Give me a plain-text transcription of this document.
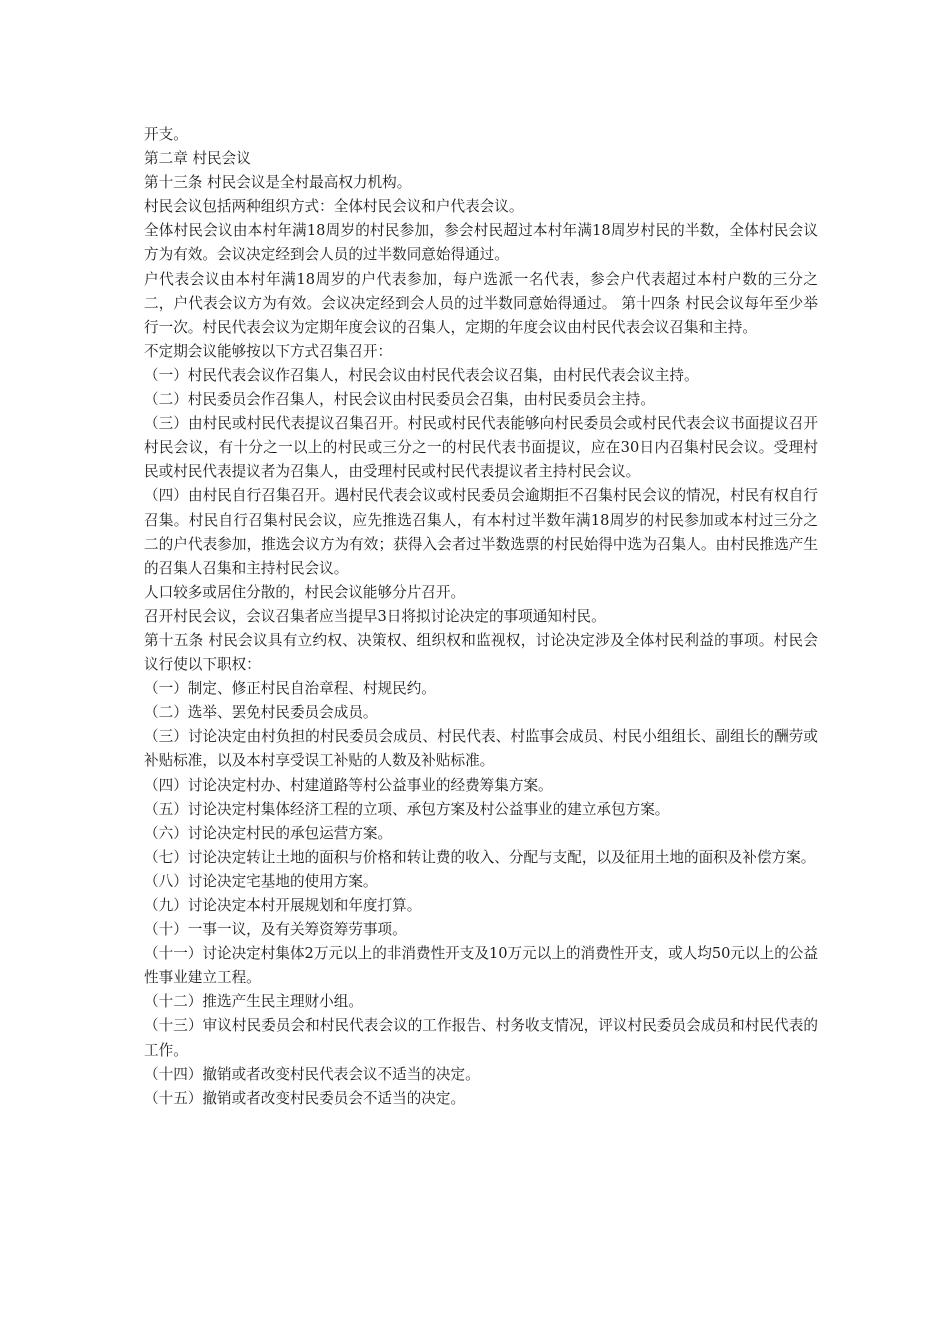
开支。

第二章 村民会议

第十三条 村民会议是全村最高权力机构。

村民会议包括两种组织方式：全体村民会议和户代表会议。

全体村民会议由本村年满18周岁的村民参加，参会村民超过本村年满18周岁村民的半数，全体村民会议方为有效。会议决定经到会人员的过半数同意始得通过。

户代表会议由本村年满18周岁的户代表参加，每户选派一名代表，参会户代表超过本村户数的三分之二，户代表会议方为有效。会议决定经到会人员的过半数同意始得通过。 第十四条 村民会议每年至少举行一次。村民代表会议为定期年度会议的召集人，定期的年度会议由村民代表会议召集和主持。

不定期会议能够按以下方式召集召开：

（一）村民代表会议作召集人，村民会议由村民代表会议召集，由村民代表会议主持。

（二）村民委员会作召集人，村民会议由村民委员会召集，由村民委员会主持。

（三）由村民或村民代表提议召集召开。村民或村民代表能够向村民委员会或村民代表会议书面提议召开村民会议，有十分之一以上的村民或三分之一的村民代表书面提议，应在30日内召集村民会议。受理村民或村民代表提议者为召集人，由受理村民或村民代表提议者主持村民会议。

（四）由村民自行召集召开。遇村民代表会议或村民委员会逾期拒不召集村民会议的情况，村民有权自行召集。村民自行召集村民会议，应先推选召集人，有本村过半数年满18周岁的村民参加或本村过三分之二的户代表参加，推选会议方为有效；获得入会者过半数选票的村民始得中选为召集人。由村民推选产生的召集人召集和主持村民会议。

人口较多或居住分散的，村民会议能够分片召开。

召开村民会议，会议召集者应当提早3日将拟讨论决定的事项通知村民。

第十五条 村民会议具有立约权、决策权、组织权和监视权，讨论决定涉及全体村民利益的事项。村民会议行使以下职权：

（一）制定、修正村民自治章程、村规民约。

（二）选举、罢免村民委员会成员。

（三）讨论决定由村负担的村民委员会成员、村民代表、村监事会成员、村民小组组长、副组长的酬劳或补贴标准，以及本村享受误工补贴的人数及补贴标准。

（四）讨论决定村办、村建道路等村公益事业的经费筹集方案。

（五）讨论决定村集体经济工程的立项、承包方案及村公益事业的建立承包方案。

（六）讨论决定村民的承包运营方案。

（七）讨论决定转让土地的面积与价格和转让费的收入、分配与支配，以及征用土地的面积及补偿方案。

（八）讨论决定宅基地的使用方案。

（九）讨论决定本村开展规划和年度打算。

（十）一事一议，及有关筹资筹劳事项。

（十一）讨论决定村集体2万元以上的非消费性开支及10万元以上的消费性开支，或人均50元以上的公益性事业建立工程。

（十二）推选产生民主理财小组。

（十三）审议村民委员会和村民代表会议的工作报告、村务收支情况，评议村民委员会成员和村民代表的工作。

（十四）撤销或者改变村民代表会议不适当的决定。

（十五）撤销或者改变村民委员会不适当的决定。
